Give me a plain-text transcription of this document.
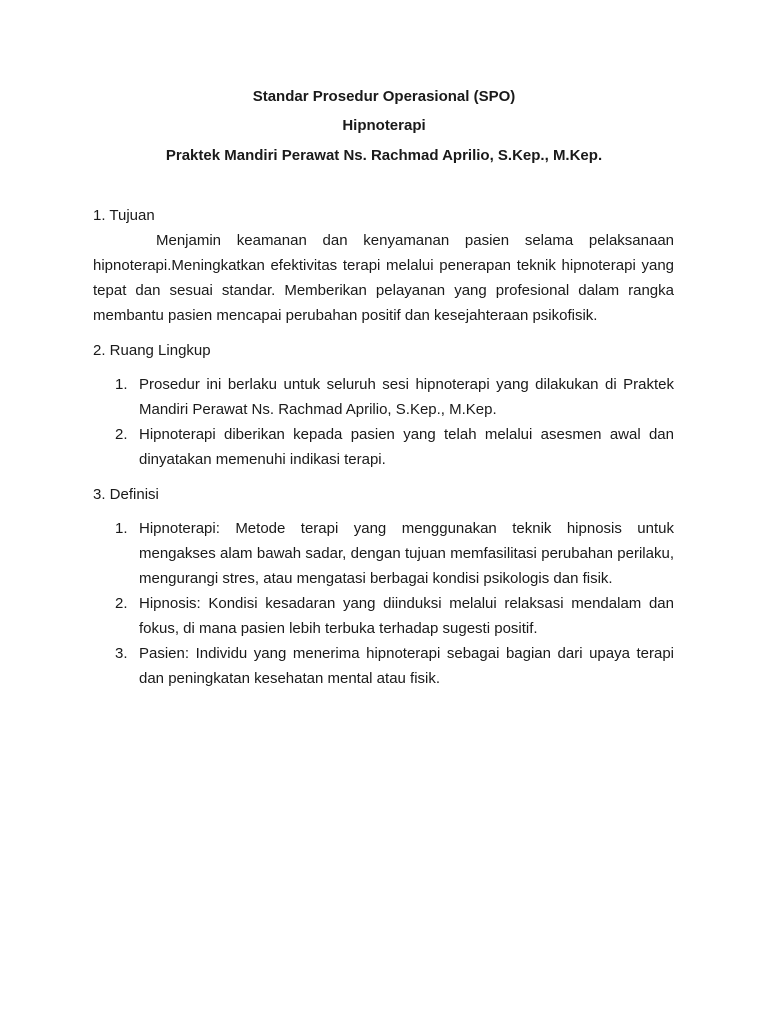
Standar Prosedur Operasional (SPO)
Hipnoterapi
Praktek Mandiri Perawat Ns. Rachmad Aprilio, S.Kep., M.Kep.

1. Tujuan

Menjamin keamanan dan kenyamanan pasien selama pelaksanaan hipnoterapi.Meningkatkan efektivitas terapi melalui penerapan teknik hipnoterapi yang tepat dan sesuai standar. Memberikan pelayanan yang profesional dalam rangka membantu pasien mencapai perubahan positif dan kesejahteraan psikofisik.

2. Ruang Lingkup

1. Prosedur ini berlaku untuk seluruh sesi hipnoterapi yang dilakukan di Praktek Mandiri Perawat Ns. Rachmad Aprilio, S.Kep., M.Kep.
2. Hipnoterapi diberikan kepada pasien yang telah melalui asesmen awal dan dinyatakan memenuhi indikasi terapi.

3. Definisi

1. Hipnoterapi: Metode terapi yang menggunakan teknik hipnosis untuk mengakses alam bawah sadar, dengan tujuan memfasilitasi perubahan perilaku, mengurangi stres, atau mengatasi berbagai kondisi psikologis dan fisik.
2. Hipnosis: Kondisi kesadaran yang diinduksi melalui relaksasi mendalam dan fokus, di mana pasien lebih terbuka terhadap sugesti positif.
3. Pasien: Individu yang menerima hipnoterapi sebagai bagian dari upaya terapi dan peningkatan kesehatan mental atau fisik.
